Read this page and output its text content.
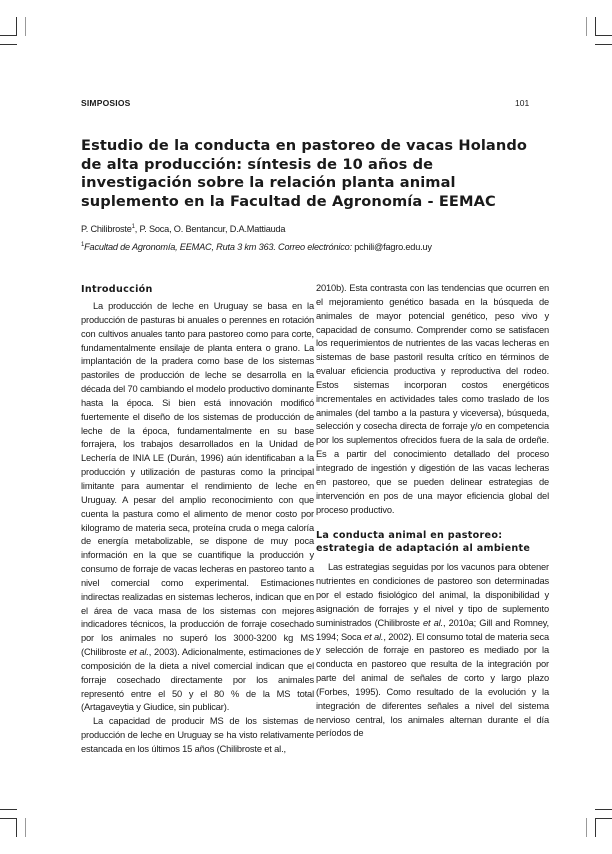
SIMPOSIOS	101
Estudio de la conducta en pastoreo de vacas Holando de alta producción: síntesis de 10 años de investigación sobre la relación planta animal suplemento en la Facultad de Agronomía - EEMAC
P. Chilibroste$^1$, P. Soca, O. Bentancur, D.A.Mattiauda
$^1$Facultad de Agronomía, EEMAC, Ruta 3 km 363. Correo electrónico: pchili@fagro.edu.uy
Introducción

La producción de leche en Uruguay se basa en la producción de pasturas bi anuales o perennes en rotación con cultivos anuales tanto para pastoreo como para corte, fundamentalmente ensilaje de planta entera o grano. La implantación de la pradera como base de los sistemas pastoriles de producción de leche se desarrolla en la década del 70 cambiando el modelo productivo dominante hasta la época. Si bien está innovación modificó fuertemente el diseño de los sistemas de producción de leche de la época, fundamentalmente en su base forrajera, los trabajos desarrollados en la Unidad de Lechería de INIA LE (Durán, 1996) aún identificaban a la producción y utilización de pasturas como la principal limitante para aumentar el rendimiento de leche en Uruguay. A pesar del amplio reconocimiento con que cuenta la pastura como el alimento de menor costo por kilogramo de materia seca, proteína cruda o mega caloría de energía metabolizable, se dispone de muy poca información en la que se cuantifique la producción y consumo de forraje de vacas lecheras en pastoreo tanto a nivel comercial como experimental. Estimaciones indirectas realizadas en sistemas lecheros, indican que en el área de vaca masa de los sistemas con mejores indicadores técnicos, la producción de forraje cosechado por los animales no superó los 3000-3200 kg MS (Chilibroste et al., 2003). Adicionalmente, estimaciones de composición de la dieta a nivel comercial indican que el forraje cosechado directamente por los animales representó entre el 50 y el 80 % de la MS total (Artagaveytia y Giudice, sin publicar).

La capacidad de producir MS de los sistemas de producción de leche en Uruguay se ha visto relativamente estancada en los últimos 15 años (Chilibroste et al.,

2010b). Esta contrasta con las tendencias que ocurren en el mejoramiento genético basada en la búsqueda de animales de mayor potencial genético, peso vivo y capacidad de consumo. Comprender como se satisfacen los requerimientos de nutrientes de las vacas lecheras en sistemas de base pastoril resulta crítico en términos de evaluar eficiencia productiva y reproductiva del rodeo. Estos sistemas incorporan costos energéticos incrementales en actividades tales como traslado de los animales (del tambo a la pastura y viceversa), búsqueda, selección y cosecha directa de forraje y/o en competencia por los suplementos ofrecidos fuera de la sala de ordeñe. Es a partir del conocimiento detallado del proceso integrado de ingestión y digestión de las vacas lecheras en pastoreo, que se pueden delinear estrategias de intervención en pos de una mayor eficiencia global del proceso productivo.

La conducta animal en pastoreo:
estrategia de adaptación al ambiente

Las estrategias seguidas por los vacunos para obtener nutrientes en condiciones de pastoreo son determinadas por el estado fisiológico del animal, la disponibilidad y asignación de forrajes y el nivel y tipo de suplemento suministrados (Chilibroste et al., 2010a; Gill and Romney, 1994; Soca et al., 2002). El consumo total de materia seca y selección de forraje en pastoreo es mediado por la conducta en pastoreo que resulta de la integración por parte del animal de señales de corto y largo plazo (Forbes, 1995). Como resultado de la evolución y la integración de diferentes señales a nivel del sistema nervioso central, los animales alternan durante el día períodos de
